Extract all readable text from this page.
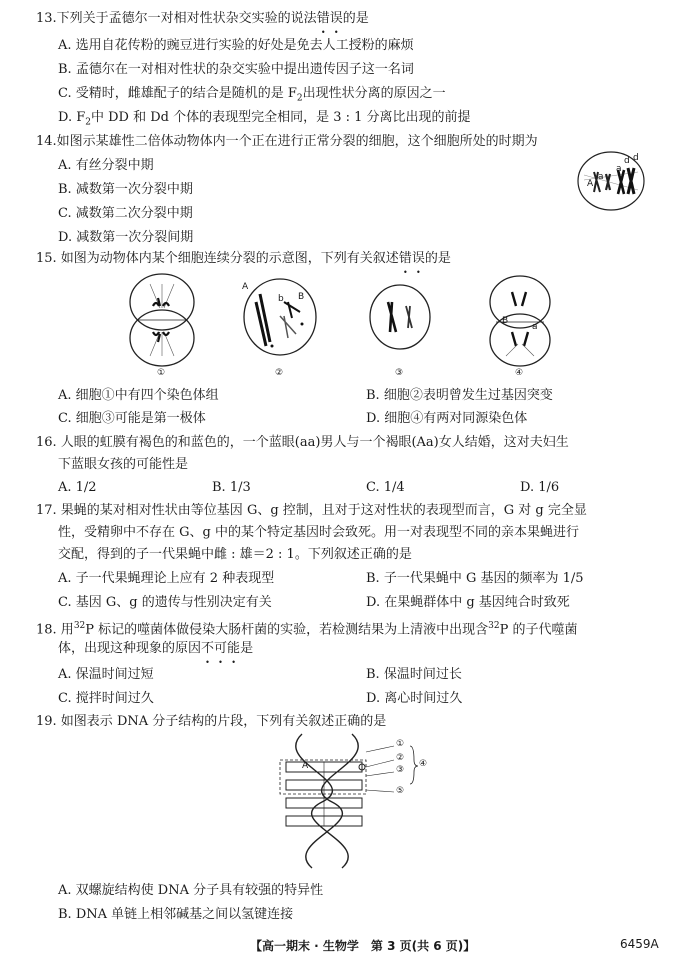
13.下列关于孟德尔一对相对性状杂交实验的说法错误的是
A. 选用自花传粉的豌豆进行实验的好处是免去人工授粉的麻烦
B. 孟德尔在一对相对性状的杂交实验中提出遗传因子这一名词
C. 受精时，雌雄配子的结合是随机的是 $F_2$出现性状分离的原因之一
D. $F_2$中 DD 和 Dd 个体的表现型完全相同，是 3 : 1 分离比出现的前提
14.如图示某雄性二倍体动物体内一个正在进行正常分裂的细胞，这个细胞所处的时期为
A. 有丝分裂中期
B. 减数第一次分裂中期
C. 减数第二次分裂中期
D. 减数第一次分裂间期
A
a
a
d d
15. 如图为动物体内某个细胞连续分裂的示意图，下列有关叙述错误的是
A
B
b
B
a
①	②	③	④
A. 细胞①中有四个染色体组	B. 细胞②表明曾发生过基因突变
C. 细胞③可能是第一极体	D. 细胞④有两对同源染色体
16. 人眼的虹膜有褐色的和蓝色的，一个蓝眼(aa)男人与一个褐眼(Aa)女人结婚，这对夫妇生
下蓝眼女孩的可能性是
A. 1/2	B. 1/3	C. 1/4	D. 1/6
17. 果蝇的某对相对性状由等位基因 G、g 控制，且对于这对性状的表现型而言，G 对 g 完全显
性，受精卵中不存在 G、g 中的某个特定基因时会致死。用一对表现型不同的亲本果蝇进行
交配，得到的子一代果蝇中雌 : 雄＝2 : 1。下列叙述正确的是
A. 子一代果蝇理论上应有 2 种表现型	B. 子一代果蝇中 G 基因的频率为 1/5
C. 基因 G、g 的遗传与性别决定有关	D. 在果蝇群体中 g 基因纯合时致死
18. 用$^{32}$P 标记的噬菌体做侵染大肠杆菌的实验，若检测结果为上清液中出现含$^{32}$P 的子代噬菌
体，出现这种现象的原因不可能是
A. 保温时间过短	B. 保温时间过长
C. 搅拌时间过久	D. 离心时间过久
19. 如图表示 DNA 分子结构的片段，下列有关叙述正确的是
①
②
③
④
⑤
A
A. 双螺旋结构使 DNA 分子具有较强的特异性
B. DNA 单链上相邻碱基之间以氢键连接
【高一期末 · 生物学　第 3 页(共 6 页)】	6459A
